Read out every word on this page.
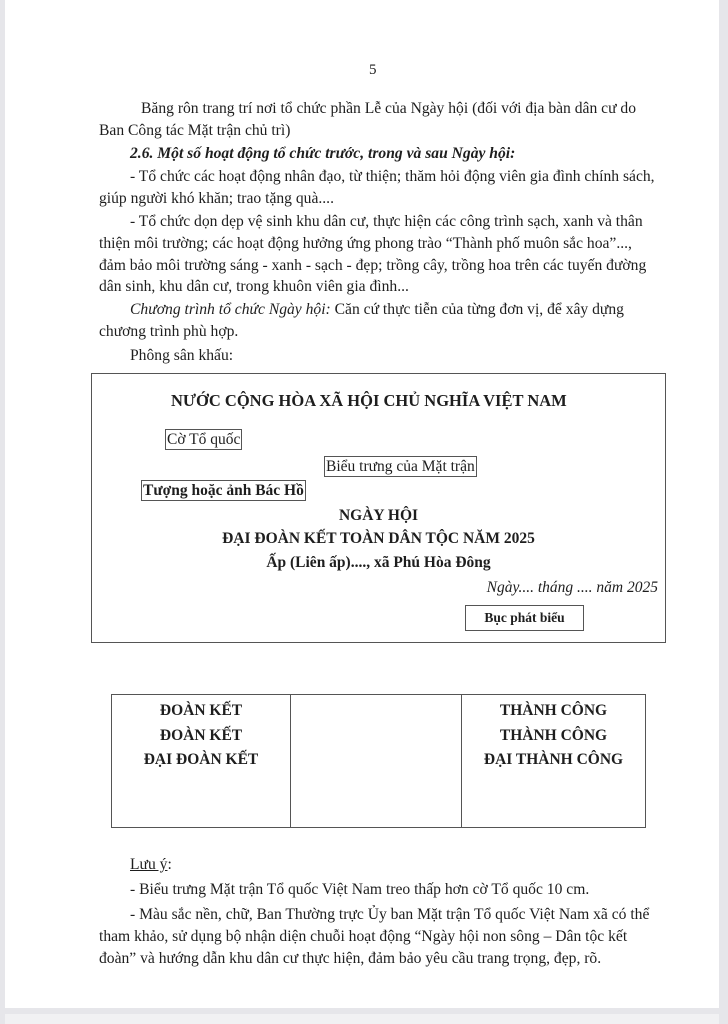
5
Băng rôn trang trí nơi tổ chức phần Lễ của Ngày hội (đối với địa bàn dân cư do
Ban Công tác Mặt trận chủ trì)
2.6. Một số hoạt động tổ chức trước, trong và sau Ngày hội:
- Tổ chức các hoạt động nhân đạo, từ thiện; thăm hỏi động viên gia đình chính sách,
giúp người khó khăn; trao tặng quà....
- Tổ chức dọn dẹp vệ sinh khu dân cư, thực hiện các công trình sạch, xanh và thân
thiện môi trường; các hoạt động hưởng ứng phong trào “Thành phố muôn sắc hoa”...,
đảm bảo môi trường sáng - xanh - sạch - đẹp; trồng cây, trồng hoa trên các tuyến đường
dân sinh, khu dân cư, trong khuôn viên gia đình...
Chương trình tổ chức Ngày hội: Căn cứ thực tiễn của từng đơn vị, để xây dựng
chương trình phù hợp.
Phông sân khấu:
NƯỚC CỘNG HÒA XÃ HỘI CHỦ NGHĨA VIỆT NAM
Cờ Tổ quốc
Biểu trưng của Mặt trận
Tượng hoặc ảnh Bác Hồ
NGÀY HỘI
ĐẠI ĐOÀN KẾT TOÀN DÂN TỘC NĂM 2025
Ấp (Liên ấp)...., xã Phú Hòa Đông
Ngày.... tháng .... năm 2025
Bục phát biểu
ĐOÀN KẾT
ĐOÀN KẾT
ĐẠI ĐOÀN KẾT
THÀNH CÔNG
THÀNH CÔNG
ĐẠI THÀNH CÔNG
Lưu ý:
- Biểu trưng Mặt trận Tổ quốc Việt Nam treo thấp hơn cờ Tổ quốc 10 cm.
- Màu sắc nền, chữ, Ban Thường trực Ủy ban Mặt trận Tổ quốc Việt Nam xã có thể
tham khảo, sử dụng bộ nhận diện chuỗi hoạt động “Ngày hội non sông – Dân tộc kết
đoàn” và hướng dẫn khu dân cư thực hiện, đảm bảo yêu cầu trang trọng, đẹp, rõ.
